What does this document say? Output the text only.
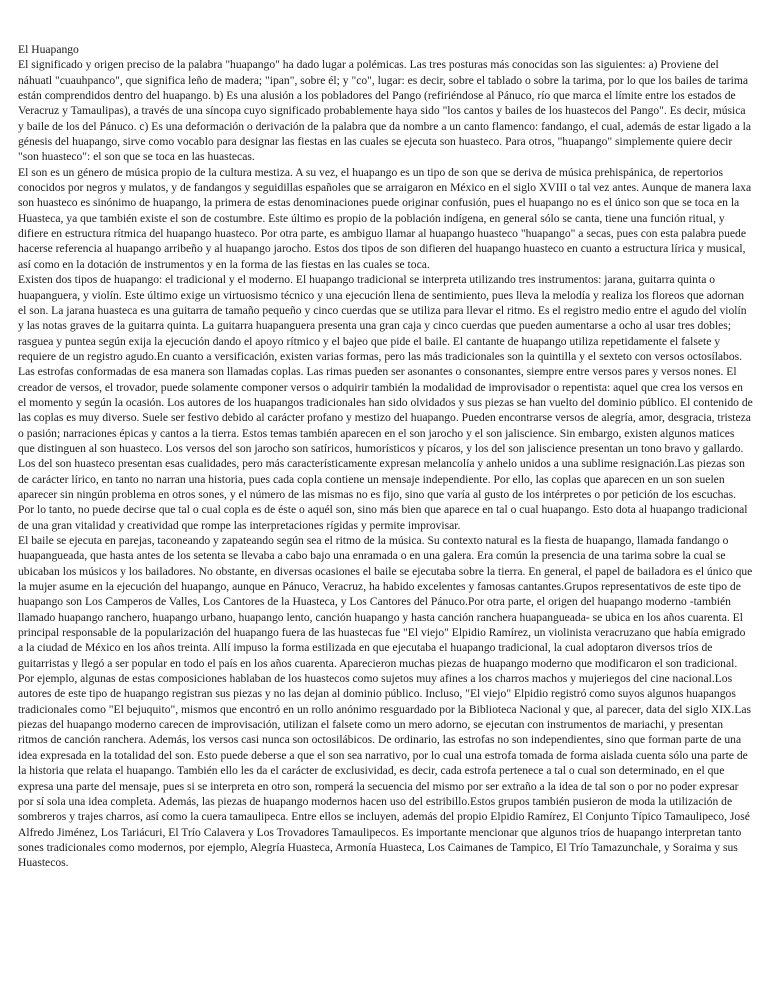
El Huapango

El significado y origen preciso de la palabra "huapango" ha dado lugar a polémicas. Las tres posturas más conocidas son las siguientes: a) Proviene del náhuatl "cuauhpanco", que significa leño de madera; "ipan", sobre él; y "co", lugar: es decir, sobre el tablado o sobre la tarima, por lo que los bailes de tarima están comprendidos dentro del huapango. b) Es una alusión a los pobladores del Pango (refiriéndose al Pánuco, río que marca el límite entre los estados de Veracruz y Tamaulipas), a través de una síncopa cuyo significado probablemente haya sido "los cantos y bailes de los huastecos del Pango". Es decir, música y baile de los del Pánuco. c) Es una deformación o derivación de la palabra que da nombre a un canto flamenco: fandango, el cual, además de estar ligado a la génesis del huapango, sirve como vocablo para designar las fiestas en las cuales se ejecuta son huasteco. Para otros, "huapango" simplemente quiere decir "son huasteco": el son que se toca en las huastecas.

El son es un género de música propio de la cultura mestiza. A su vez, el huapango es un tipo de son que se deriva de música prehispánica, de repertorios conocidos por negros y mulatos, y de fandangos y seguidillas españoles que se arraigaron en México en el siglo XVIII o tal vez antes. Aunque de manera laxa son huasteco es sinónimo de huapango, la primera de estas denominaciones puede originar confusión, pues el huapango no es el único son que se toca en la Huasteca, ya que también existe el son de costumbre. Este último es propio de la población indígena, en general sólo se canta, tiene una función ritual, y difiere en estructura rítmica del huapango huasteco. Por otra parte, es ambiguo llamar al huapango huasteco "huapango" a secas, pues con esta palabra puede hacerse referencia al huapango arribeño y al huapango jarocho. Estos dos tipos de son difieren del huapango huasteco en cuanto a estructura lírica y musical, así como en la dotación de instrumentos y en la forma de las fiestas en las cuales se toca.

Existen dos tipos de huapango: el tradicional y el moderno. El huapango tradicional se interpreta utilizando tres instrumentos: jarana, guitarra quinta o huapanguera, y violín. Este último exige un virtuosismo técnico y una ejecución llena de sentimiento, pues lleva la melodía y realiza los floreos que adornan el son. La jarana huasteca es una guitarra de tamaño pequeño y cinco cuerdas que se utiliza para llevar el ritmo. Es el registro medio entre el agudo del violín y las notas graves de la guitarra quinta. La guitarra huapanguera presenta una gran caja y cinco cuerdas que pueden aumentarse a ocho al usar tres dobles; rasguea y puntea según exija la ejecución dando el apoyo rítmico y el bajeo que pide el baile. El cantante de huapango utiliza repetidamente el falsete y requiere de un registro agudo.En cuanto a versificación, existen varias formas, pero las más tradicionales son la quintilla y el sexteto con versos octosílabos. Las estrofas conformadas de esa manera son llamadas coplas. Las rimas pueden ser asonantes o consonantes, siempre entre versos pares y versos nones. El creador de versos, el trovador, puede solamente componer versos o adquirir también la modalidad de improvisador o repentista: aquel que crea los versos en el momento y según la ocasión. Los autores de los huapangos tradicionales han sido olvidados y sus piezas se han vuelto del dominio público. El contenido de las coplas es muy diverso. Suele ser festivo debido al carácter profano y mestizo del huapango. Pueden encontrarse versos de alegría, amor, desgracia, tristeza o pasión; narraciones épicas y cantos a la tierra. Estos temas también aparecen en el son jarocho y el son jaliscience. Sin embargo, existen algunos matices que distinguen al son huasteco. Los versos del son jarocho son satíricos, humorísticos y pícaros, y los del son jaliscience presentan un tono bravo y gallardo. Los del son huasteco presentan esas cualidades, pero más característicamente expresan melancolía y anhelo unidos a una sublime resignación.Las piezas son de carácter lírico, en tanto no narran una historia, pues cada copla contiene un mensaje independiente. Por ello, las coplas que aparecen en un son suelen aparecer sin ningún problema en otros sones, y el número de las mismas no es fijo, sino que varía al gusto de los intérpretes o por petición de los escuchas. Por lo tanto, no puede decirse que tal o cual copla es de éste o aquél son, sino más bien que aparece en tal o cual huapango. Esto dota al huapango tradicional de una gran vitalidad y creatividad que rompe las interpretaciones rígidas y permite improvisar.

El baile se ejecuta en parejas, taconeando y zapateando según sea el ritmo de la música. Su contexto natural es la fiesta de huapango, llamada fandango o huapangueada, que hasta antes de los setenta se llevaba a cabo bajo una enramada o en una galera. Era común la presencia de una tarima sobre la cual se ubicaban los músicos y los bailadores. No obstante, en diversas ocasiones el baile se ejecutaba sobre la tierra. En general, el papel de bailadora es el único que la mujer asume en la ejecución del huapango, aunque en Pánuco, Veracruz, ha habido excelentes y famosas cantantes.Grupos representativos de este tipo de huapango son Los Camperos de Valles, Los Cantores de la Huasteca, y Los Cantores del Pánuco.Por otra parte, el origen del huapango moderno -también llamado huapango ranchero, huapango urbano, huapango lento, canción huapango y hasta canción ranchera huapangueada- se ubica en los años cuarenta. El principal responsable de la popularización del huapango fuera de las huastecas fue "El viejo" Elpidio Ramírez, un violinista veracruzano que había emigrado a la ciudad de México en los años treinta. Allí impuso la forma estilizada en que ejecutaba el huapango tradicional, la cual adoptaron diversos tríos de guitarristas y llegó a ser popular en todo el país en los años cuarenta. Aparecieron muchas piezas de huapango moderno que modificaron el son tradicional. Por ejemplo, algunas de estas composiciones hablaban de los huastecos como sujetos muy afines a los charros machos y mujeriegos del cine nacional.Los autores de este tipo de huapango registran sus piezas y no las dejan al dominio público. Incluso, "El viejo" Elpidio registró como suyos algunos huapangos tradicionales como "El bejuquito", mismos que encontró en un rollo anónimo resguardado por la Biblioteca Nacional y que, al parecer, data del siglo XIX.Las piezas del huapango moderno carecen de improvisación, utilizan el falsete como un mero adorno, se ejecutan con instrumentos de mariachi, y presentan ritmos de canción ranchera. Además, los versos casi nunca son octosilábicos. De ordinario, las estrofas no son independientes, sino que forman parte de una idea expresada en la totalidad del son. Esto puede deberse a que el son sea narrativo, por lo cual una estrofa tomada de forma aislada cuenta sólo una parte de la historia que relata el huapango. También ello les da el carácter de exclusividad, es decir, cada estrofa pertenece a tal o cual son determinado, en el que expresa una parte del mensaje, pues si se interpreta en otro son, romperá la secuencia del mismo por ser extraño a la idea de tal son o por no poder expresar por sí sola una idea completa. Además, las piezas de huapango modernos hacen uso del estribillo.Estos grupos también pusieron de moda la utilización de sombreros y trajes charros, así como la cuera tamaulipeca. Entre ellos se incluyen, además del propio Elpidio Ramírez, El Conjunto Típico Tamaulipeco, José Alfredo Jiménez, Los Tariácuri, El Trío Calavera y Los Trovadores Tamaulipecos. Es importante mencionar que algunos tríos de huapango interpretan tanto sones tradicionales como modernos, por ejemplo, Alegría Huasteca, Armonía Huasteca, Los Caimanes de Tampico, El Trío Tamazunchale, y Soraima y sus Huastecos.
